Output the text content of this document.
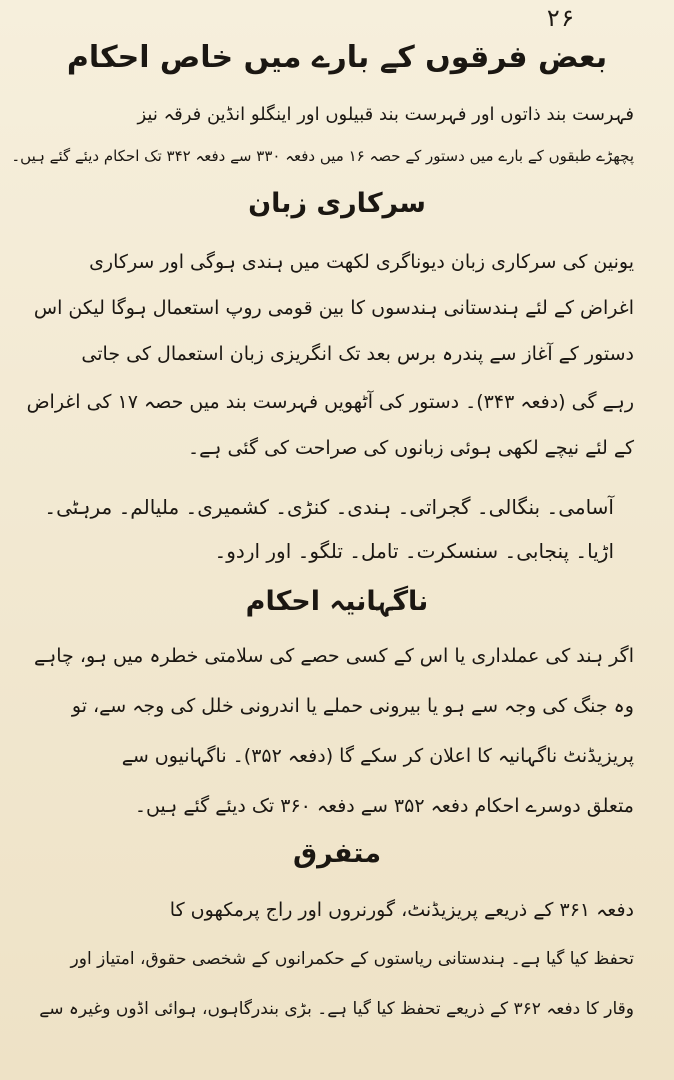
۲۶
بعض فرقوں کے بارے میں خاص احکام
فہرست بند ذاتوں اور فہرست بند قبیلوں اور اینگلو انڈین فرقہ نیز
پچھڑے طبقوں کے بارے میں دستور کے حصہ ۱۶ میں دفعہ ۳۳۰ سے دفعہ ۳۴۲ تک احکام دیئے گئے ہیں۔
سرکاری زبان
یونین کی سرکاری زبان دیوناگری لکھت میں ہندی ہوگی اور سرکاری
اغراض کے لئے ہندستانی ہندسوں کا بین قومی روپ استعمال ہوگا لیکن اس
دستور کے آغاز سے پندرہ برس بعد تک انگریزی زبان استعمال کی جاتی
رہے گی (دفعہ ۳۴۳)۔ دستور کی آٹھویں فہرست بند میں حصہ ۱۷ کی اغراض
کے لئے نیچے لکھی ہوئی زبانوں کی صراحت کی گئی ہے۔
آسامی۔ بنگالی۔ گجراتی۔ ہندی۔ کنڑی۔ کشمیری۔ ملیالم۔ مرہٹی۔
اڑیا۔ پنجابی۔ سنسکرت۔ تامل۔ تلگو۔ اور اردو۔
ناگہانیہ احکام
اگر ہند کی عملداری یا اس کے کسی حصے کی سلامتی خطرہ میں ہو، چاہے
وہ جنگ کی وجہ سے ہو یا بیرونی حملے یا اندرونی خلل کی وجہ سے، تو
پریزیڈنٹ ناگہانیہ کا اعلان کر سکے گا (دفعہ ۳۵۲)۔ ناگہانیوں سے
متعلق دوسرے احکام دفعہ ۳۵۲ سے دفعہ ۳۶۰ تک دیئے گئے ہیں۔
متفرق
دفعہ ۳۶۱ کے ذریعے پریزیڈنٹ، گورنروں اور راج پرمکھوں کا
تحفظ کیا گیا ہے۔ ہندستانی ریاستوں کے حکمرانوں کے شخصی حقوق، امتیاز اور
وقار کا دفعہ ۳۶۲ کے ذریعے تحفظ کیا گیا ہے۔ بڑی بندرگاہوں، ہوائی اڈوں وغیرہ سے
